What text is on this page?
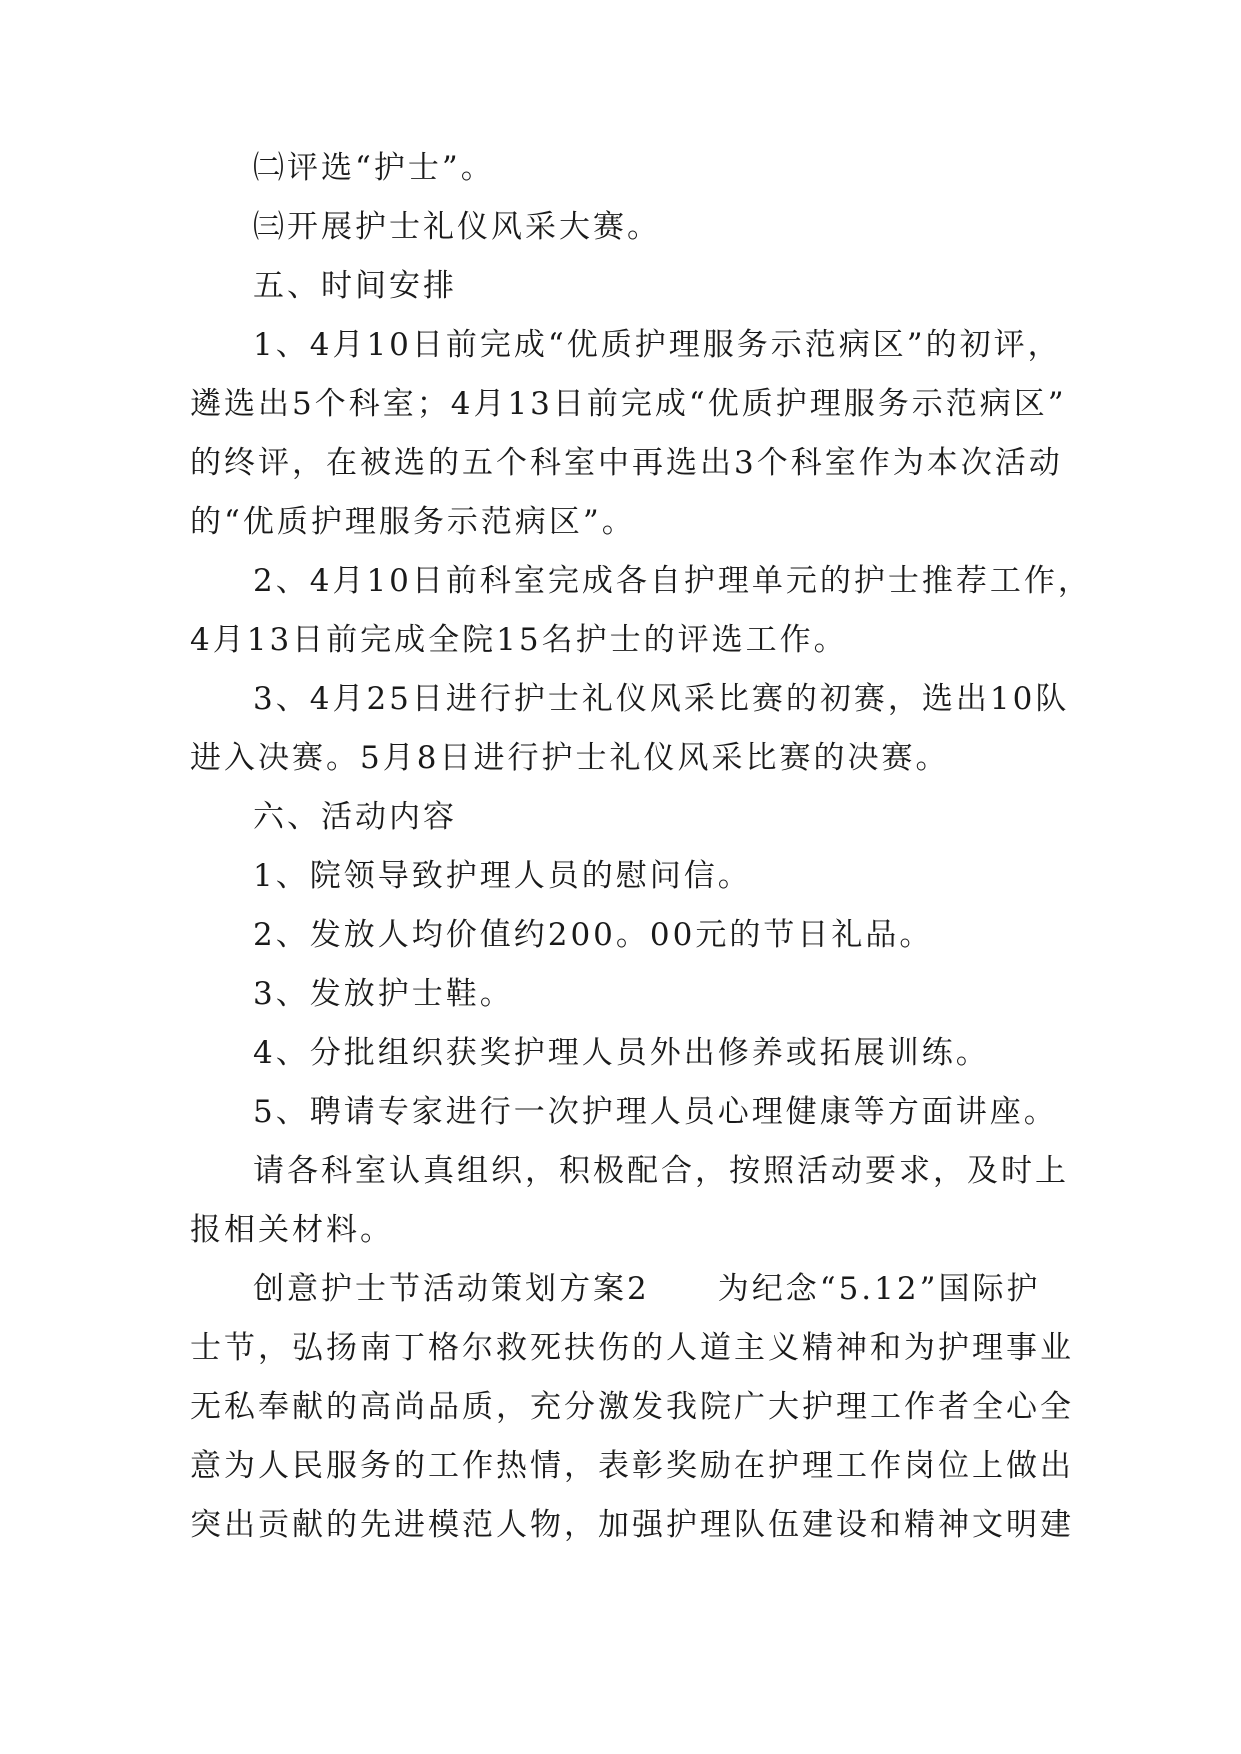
㈡评选“护士”。
㈢开展护士礼仪风采大赛。
五、时间安排
1、4月10日前完成“优质护理服务示范病区”的初评，
遴选出5个科室；4月13日前完成“优质护理服务示范病区”
的终评，在被选的五个科室中再选出3个科室作为本次活动
的“优质护理服务示范病区”。
2、4月10日前科室完成各自护理单元的护士推荐工作，
4月13日前完成全院15名护士的评选工作。
3、4月25日进行护士礼仪风采比赛的初赛，选出10队
进入决赛。5月8日进行护士礼仪风采比赛的决赛。
六、活动内容
1、院领导致护理人员的慰问信。
2、发放人均价值约200。00元的节日礼品。
3、发放护士鞋。
4、分批组织获奖护理人员外出修养或拓展训练。
5、聘请专家进行一次护理人员心理健康等方面讲座。
请各科室认真组织，积极配合，按照活动要求，及时上
报相关材料。
创意护士节活动策划方案2　　为纪念“5.12”国际护
士节，弘扬南丁格尔救死扶伤的人道主义精神和为护理事业
无私奉献的高尚品质，充分激发我院广大护理工作者全心全
意为人民服务的工作热情，表彰奖励在护理工作岗位上做出
突出贡献的先进模范人物，加强护理队伍建设和精神文明建
